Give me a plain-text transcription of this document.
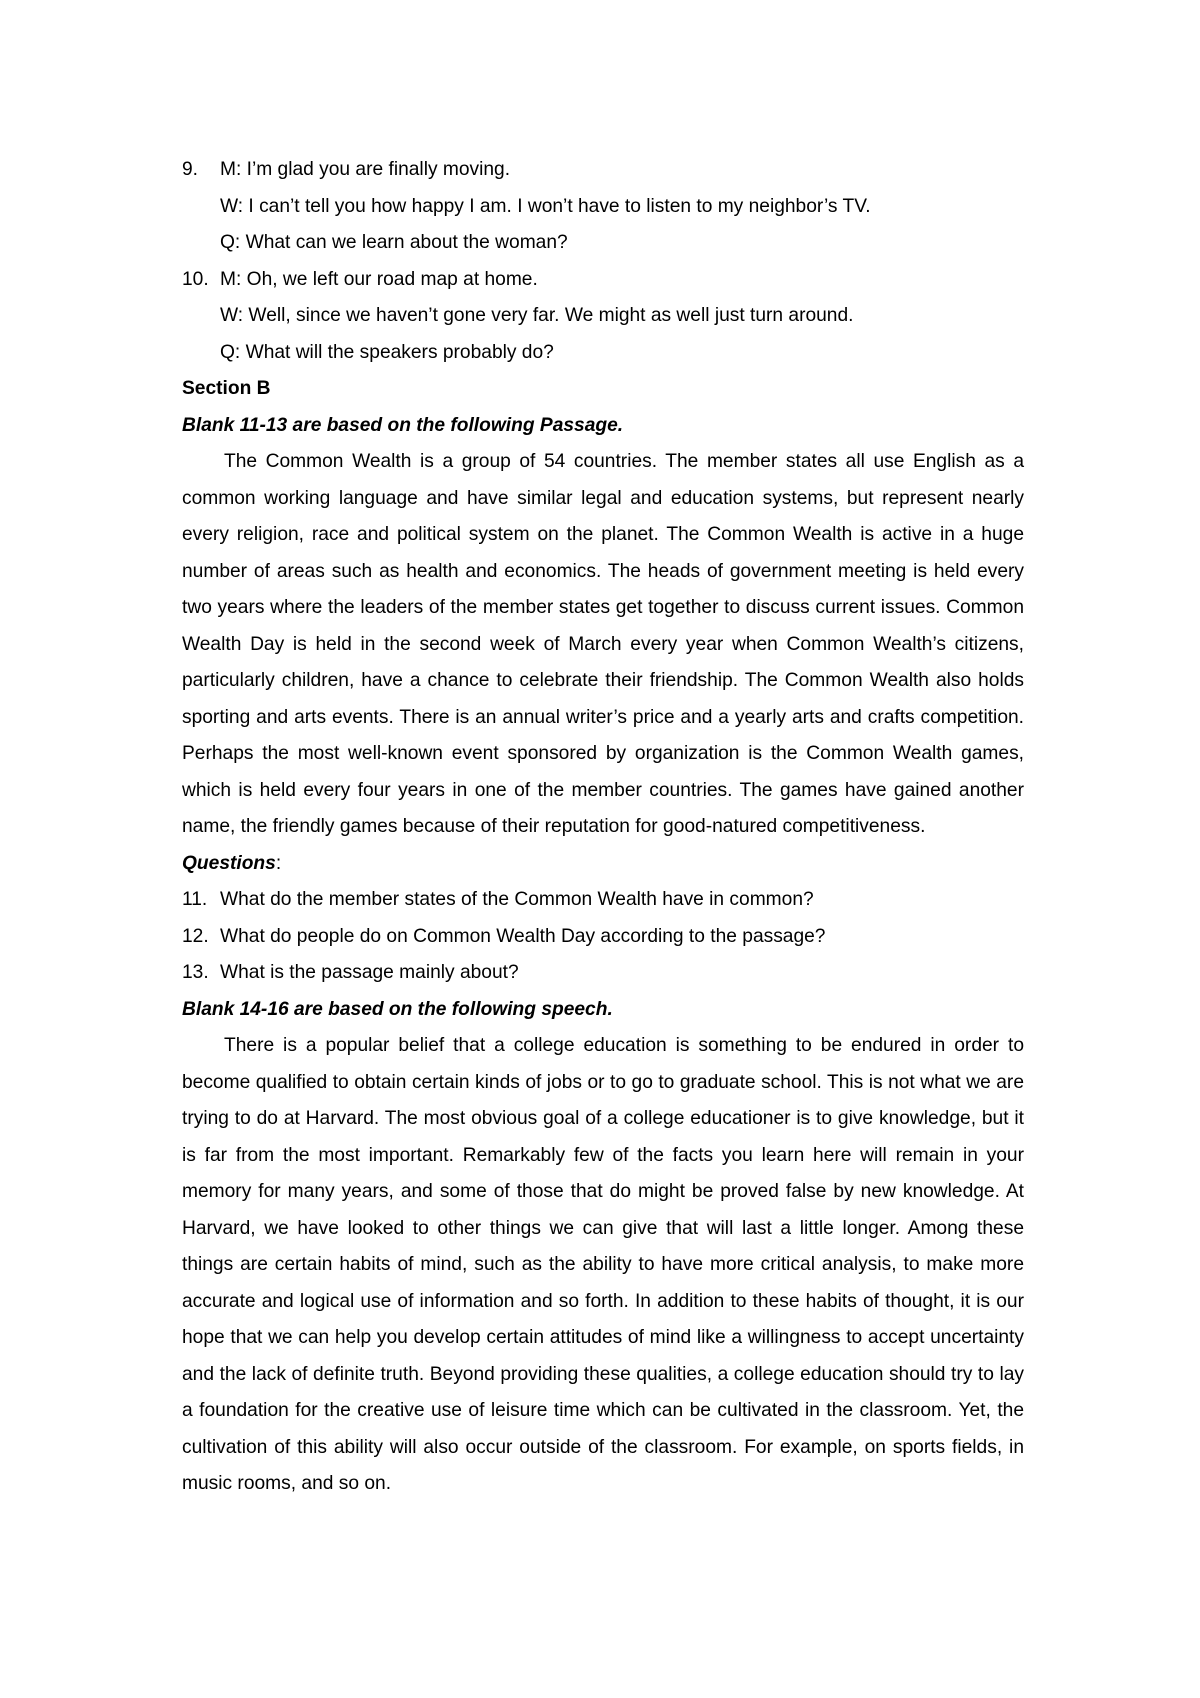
9.	M: I’m glad you are finally moving.
W: I can’t tell you how happy I am. I won’t have to listen to my neighbor’s TV.
Q: What can we learn about the woman?
10. M: Oh, we left our road map at home.
W: Well, since we haven’t gone very far. We might as well just turn around.
Q: What will the speakers probably do?
Section B
Blank 11-13 are based on the following Passage.

The Common Wealth is a group of 54 countries. The member states all use English as a common working language and have similar legal and education systems, but represent nearly every religion, race and political system on the planet. The Common Wealth is active in a huge number of areas such as health and economics. The heads of government meeting is held every two years where the leaders of the member states get together to discuss current issues. Common Wealth Day is held in the second week of March every year when Common Wealth’s citizens, particularly children, have a chance to celebrate their friendship. The Common Wealth also holds sporting and arts events. There is an annual writer’s price and a yearly arts and crafts competition. Perhaps the most well-known event sponsored by organization is the Common Wealth games, which is held every four years in one of the member countries. The games have gained another name, the friendly games because of their reputation for good-natured competitiveness.

Questions:
11. What do the member states of the Common Wealth have in common?
12. What do people do on Common Wealth Day according to the passage?
13. What is the passage mainly about?
Blank 14-16 are based on the following speech.

There is a popular belief that a college education is something to be endured in order to become qualified to obtain certain kinds of jobs or to go to graduate school. This is not what we are trying to do at Harvard. The most obvious goal of a college educationer is to give knowledge, but it is far from the most important. Remarkably few of the facts you learn here will remain in your memory for many years, and some of those that do might be proved false by new knowledge. At Harvard, we have looked to other things we can give that will last a little longer. Among these things are certain habits of mind, such as the ability to have more critical analysis, to make more accurate and logical use of information and so forth. In addition to these habits of thought, it is our hope that we can help you develop certain attitudes of mind like a willingness to accept uncertainty and the lack of definite truth. Beyond providing these qualities, a college education should try to lay a foundation for the creative use of leisure time which can be cultivated in the classroom. Yet, the cultivation of this ability will also occur outside of the classroom. For example, on sports fields, in music rooms, and so on.
